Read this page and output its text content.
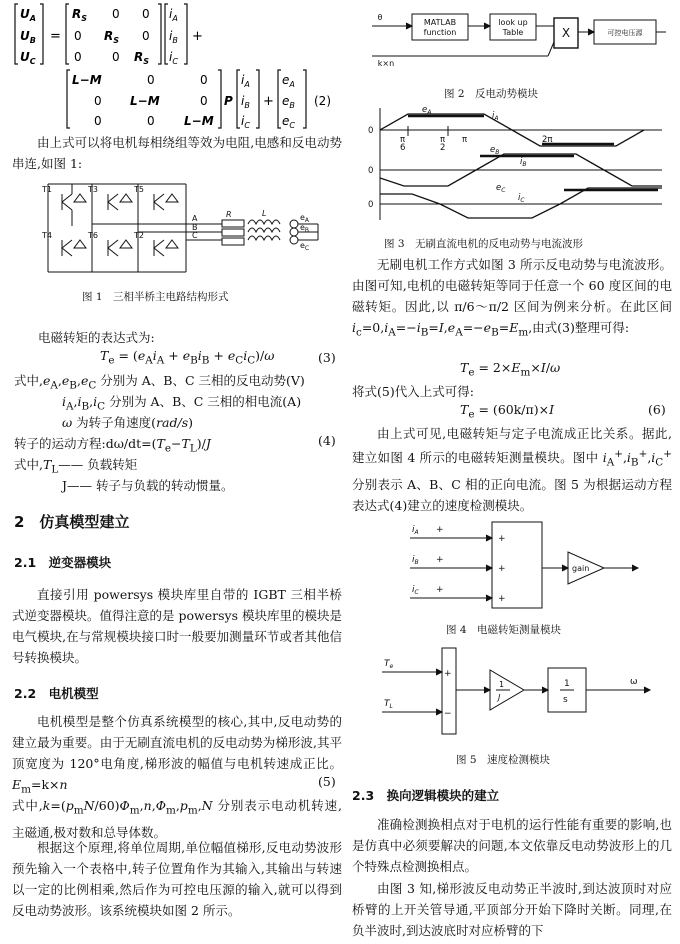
$U_A$
$U_B$
$U_C$
=
$R_S$ 0 0
0 $R_S$ 0
0	0 $R_S$
$i_A$
$i_B$
$i_C$
+
L−M	0	0
0 L−M	0
0	0 L−M
P
$i_A$
$i_B$
$i_C$
+
$e_A$
$e_B$
$e_C$
(2)

由上式可以将电机每相绕组等效为电阻,电感和反电动势串连,如图 1:

T1	T3	T5
T4	T6	T2
A
B
C
R	L	$e_A$
$e_B$
$e_C$
图 1　三相半桥主电路结构形式
电磁转矩的表达式为:
$T_e = (e_Ai_A + e_Bi_B + e_Ci_C)/\omega$	(3)
式中$,e_A,e_B,e_C$ 分别为 A、B、C 三相的反电动势(V)
$i_A,i_B,i_C$ 分别为 A、B、C 三相的相电流(A)
ω 为转子角速度(rad/s)
转子的运动方程$:d\omega/dt=(T_e-T_L)/J$	(4)
式中$,T_L——$ 负载转矩
J—— 转子与负载的转动惯量。
2　仿真模型建立
2.1　逆变器模块

直接引用 powersys 模块库里自带的 IGBT 三相半桥式逆变器模块。值得注意的是 powersys 模块库里的模块是电气模块,在与常规模块接口时一般要加测量环节或者其他信号转换模块。

2.2　电机模型

电机模型是整个仿真系统模型的核心,其中,反电动势的建立最为重要。由于无刷直流电机的反电动势为梯形波,其平顶宽度为 120°电角度,梯形波的幅值与电机转速成正比。$E_m=k\times n$	(5)

式中$,k=(p_mN/60)\Phi_m,n,\Phi_m,p_m,N$ 分别表示电动机转速,主磁通,极对数和总导体数。

根据这个原理,将单位周期,单位幅值梯形,反电动势波形预先输入一个表格中,转子位置角作为其输入,其输出与转速以一定的比例相乘,然后作为可控电压源的输入,就可以得到反电动势波形。该系统模块如图 2 所示。

θ
MATLAB
function
look up
Table	X	可控电压源
k×n
图 2　反电动势模块
0
0
0
$e_A$	$i_A$
$e_B$
$i_B$
$e_C$
$i_C$
π
6
π
2
π	2π
图 3　无刷直流电机的反电动势与电流波形

无刷电机工作方式如图 3 所示反电动势与电流波形。由图可知,电机的电磁转矩等同于任意一个 60 度区间的电磁转矩。因此,以 π/6～π/2 区间为例来分析。在此区间 $i_c=0,i_A=-i_B=I,e_A=-e_B=E_m$,由式(3)整理可得:

$T_e = 2\times E_m\times I/\omega$
将式(5)代入上式可得:
$T_e = (60k/\pi)\times I$	(6)

由上式可见,电磁转矩与定子电流成正比关系。据此,建立如图 4 所示的电磁转矩测量模块。图中 $i_A^+,i_B^+,i_C^+$ 分别表示 A、B、C 相的正向电流。图 5 为根据运动方程表达式(4)建立的速度检测模块。

$i_A$ +
$i_B$ +
$i_C$ +
+
+
+
gain
图 4　电磁转矩测量模块
$T_e$
$T_L$
+
−
1
J
1
s
ω
图 5　速度检测模块
2.3　换向逻辑模块的建立

准确检测换相点对于电机的运行性能有重要的影响,也是仿真中必须要解决的问题,本文依靠反电动势波形上的几个特殊点检测换相点。

由图 3 知,梯形波反电动势正半波时,到达波顶时对应桥臂的上开关管导通,平顶部分开始下降时关断。同理,在负半波时,到达波底时对应桥臂的下
